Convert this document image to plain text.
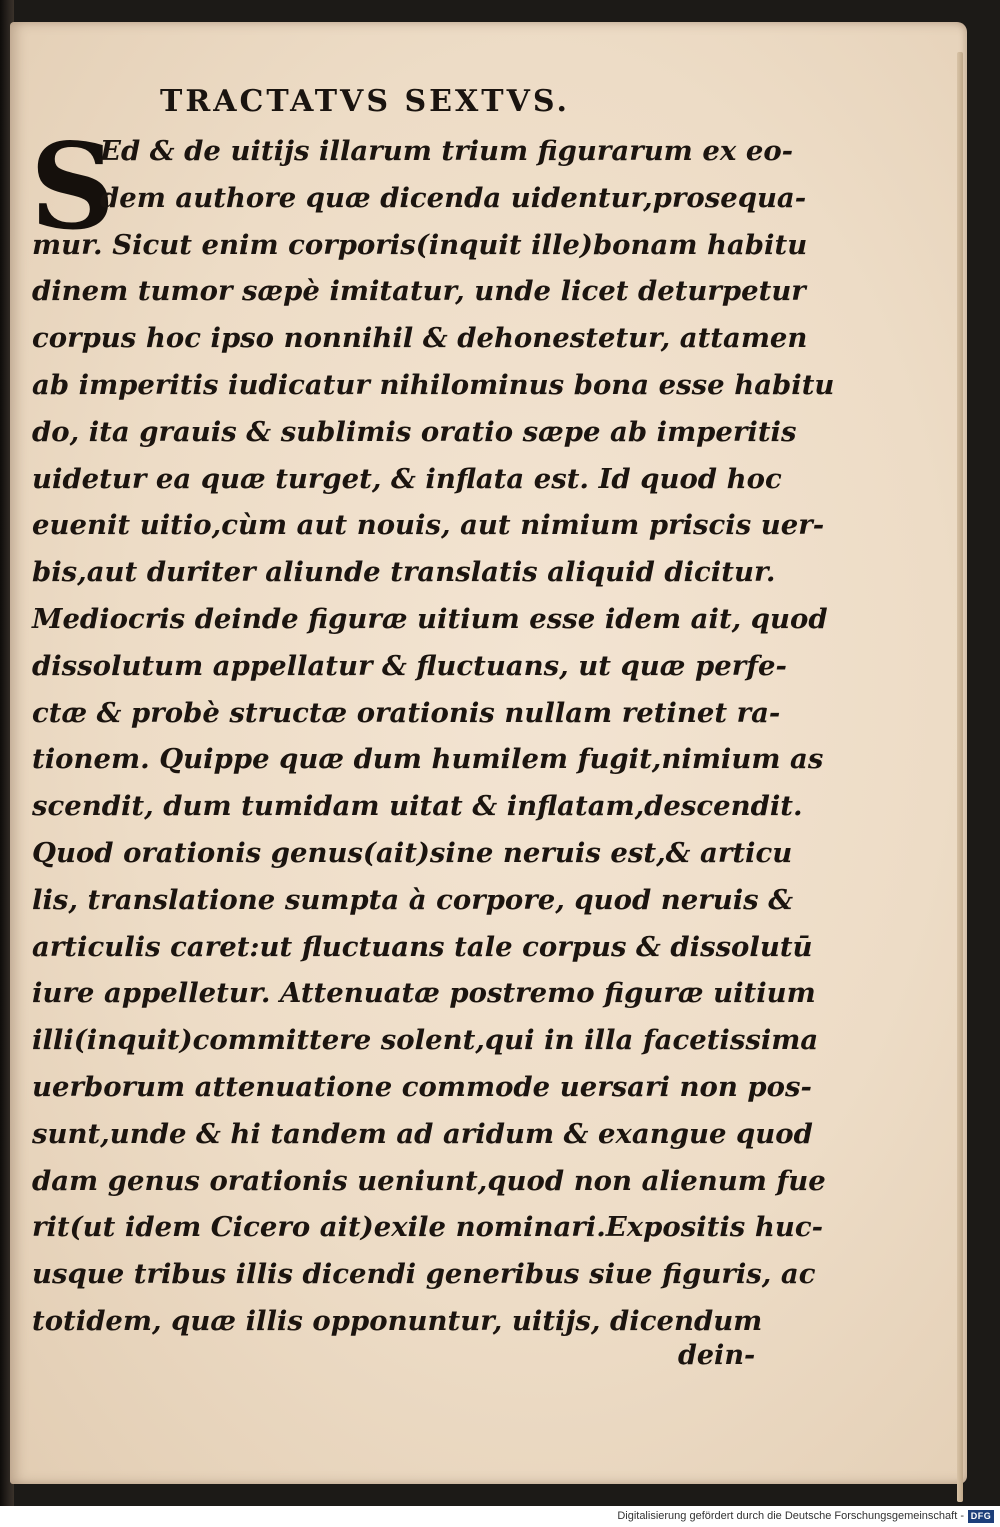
TRACTATVS SEXTVS.
S
Ed & de uitijs illarum trium figurarum ex eo-
dem authore quæ dicenda uidentur,prosequa-
mur. Sicut enim corporis(inquit ille)bonam habitu
dinem tumor sæpè imitatur, unde licet deturpetur
corpus hoc ipso nonnihil & dehonestetur, attamen
ab imperitis iudicatur nihilominus bona esse habitu
do, ita grauis & sublimis oratio sæpe ab imperitis
uidetur ea quæ turget, & inflata est. Id quod hoc
euenit uitio,cùm aut nouis, aut nimium priscis uer-
bis,aut duriter aliunde translatis aliquid dicitur.
Mediocris deinde figuræ uitium esse idem ait, quod
dissolutum appellatur & fluctuans, ut quæ perfe-
ctæ & probè structæ orationis nullam retinet ra-
tionem. Quippe quæ dum humilem fugit,nimium as
scendit, dum tumidam uitat & inflatam,descendit.
Quod orationis genus(ait)sine neruis est,& articu
lis, translatione sumpta à corpore, quod neruis &
articulis caret:ut fluctuans tale corpus & dissolutū
iure appelletur. Attenuatæ postremo figuræ uitium
illi(inquit)committere solent,qui in illa facetissima
uerborum attenuatione commode uersari non pos-
sunt,unde & hi tandem ad aridum & exangue quod
dam genus orationis ueniunt,quod non alienum fue
rit(ut idem Cicero ait)exile nominari.Expositis huc-
usque tribus illis dicendi generibus siue figuris, ac
totidem, quæ illis opponuntur, uitijs, dicendum
dein-
Digitalisierung gefördert durch die Deutsche Forschungsgemeinschaft - DFG
